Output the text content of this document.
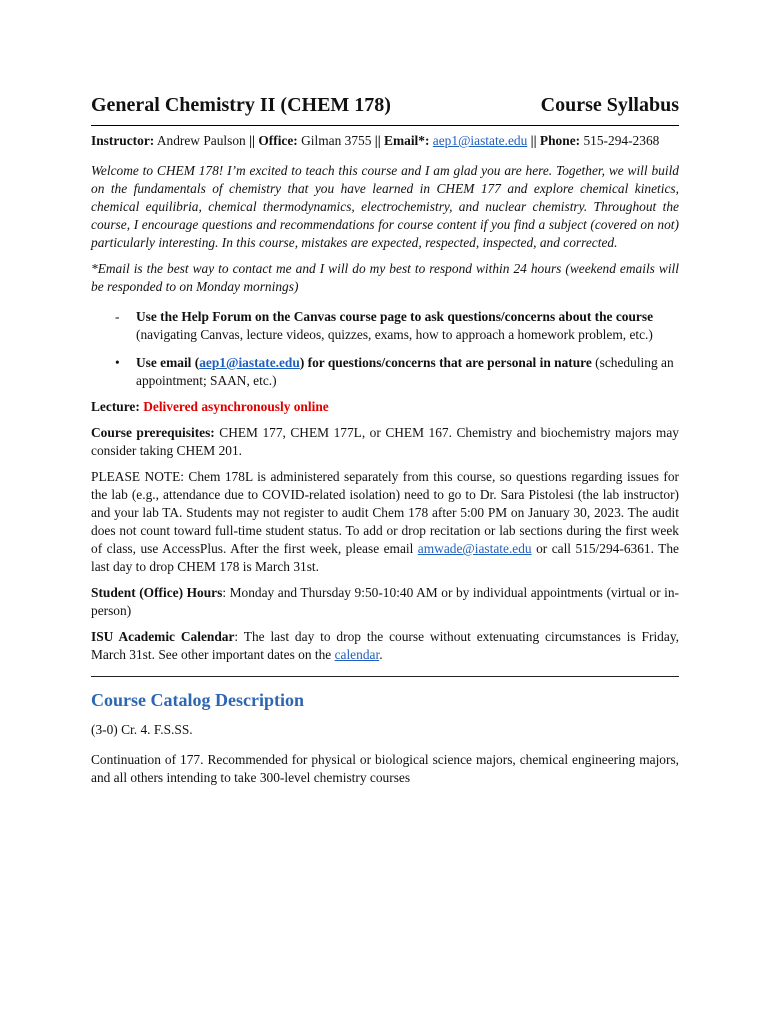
General Chemistry II (CHEM 178)	Course Syllabus
Instructor: Andrew Paulson || Office: Gilman 3755 || Email*: aep1@iastate.edu || Phone: 515-294-2368

Welcome to CHEM 178! I’m excited to teach this course and I am glad you are here. Together, we will build on the fundamentals of chemistry that you have learned in CHEM 177 and explore chemical kinetics, chemical equilibria, chemical thermodynamics, electrochemistry, and nuclear chemistry. Throughout the course, I encourage questions and recommendations for course content if you find a subject (covered on not) particularly interesting. In this course, mistakes are expected, respected, inspected, and corrected.

*Email is the best way to contact me and I will do my best to respond within 24 hours (weekend emails will be responded to on Monday mornings)

- Use the Help Forum on the Canvas course page to ask questions/concerns about the course
(navigating Canvas, lecture videos, quizzes, exams, how to approach a homework problem, etc.)
• Use email (aep1@iastate.edu) for questions/concerns that are personal in nature (scheduling an appointment; SAAN, etc.)

Lecture: Delivered asynchronously online

Course prerequisites: CHEM 177, CHEM 177L, or CHEM 167. Chemistry and biochemistry majors may consider taking CHEM 201.

PLEASE NOTE: Chem 178L is administered separately from this course, so questions regarding issues for the lab (e.g., attendance due to COVID-related isolation) need to go to Dr. Sara Pistolesi (the lab instructor) and your lab TA. Students may not register to audit Chem 178 after 5:00 PM on January 30, 2023. The audit does not count toward full-time student status. To add or drop recitation or lab sections during the first week of class, use AccessPlus. After the first week, please email amwade@iastate.edu or call 515/294-6361. The last day to drop CHEM 178 is March 31st.

Student (Office) Hours: Monday and Thursday 9:50-10:40 AM or by individual appointments (virtual or in-person)

ISU Academic Calendar: The last day to drop the course without extenuating circumstances is Friday, March 31st. See other important dates on the calendar.

Course Catalog Description

(3-0) Cr. 4. F.S.SS.

Continuation of 177. Recommended for physical or biological science majors, chemical engineering majors, and all others intending to take 300-level chemistry courses
